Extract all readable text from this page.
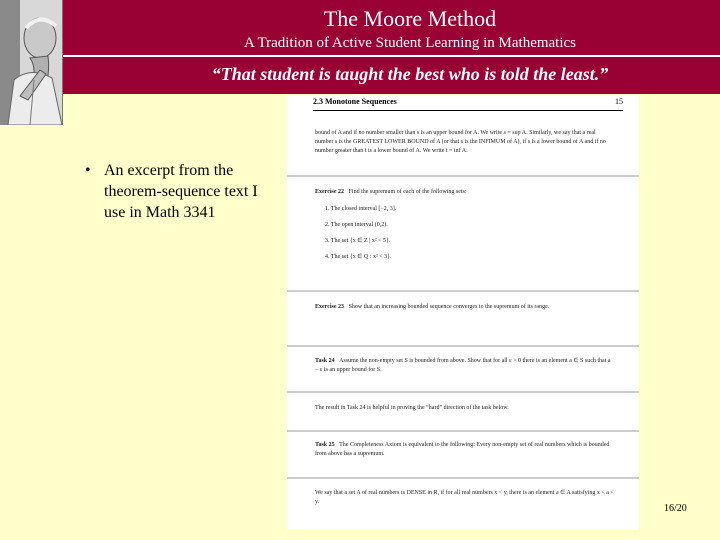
The Moore Method
A Tradition of Active Student Learning in Mathematics
“That student is taught the best who is told the least.”
• An excerpt from the theorem-sequence text I use in Math 3341
2.3 Monotone Sequences	15
bound of A and if no number smaller than s is an upper bound for A. We write s = sup A. Similarly, we say that a real number s is the GREATEST LOWER BOUND of A (or that s is the INFIMUM of A), if s is a lower bound of A and if no number greater than t is a lower bound of A. We write t = inf A.
Exercise 22 Find the supremum of each of the following sets:
1. The closed interval [−2, 3].
2. The open interval (0,2).
3. The set {x ∈ Z | x² < 5}.
4. The set {x ∈ Q : x² < 3}.
Exercise 23 Show that an increasing bounded sequence converges to the supremum of its range.
Task 24 Assume the non-empty set S is bounded from above. Show that for all ε > 0 there is an element a ∈ S such that a − ε is an upper bound for S.
The result in Task 24 is helpful in proving the “hard” direction of the task below.
Task 25 The Completeness Axiom is equivalent to the following: Every non-empty set of real numbers which is bounded from above has a supremum.
We say that a set A of real numbers is DENSE in R, if for all real numbers x < y, there is an element a ∈ A satisfying x < a < y.
16/20
